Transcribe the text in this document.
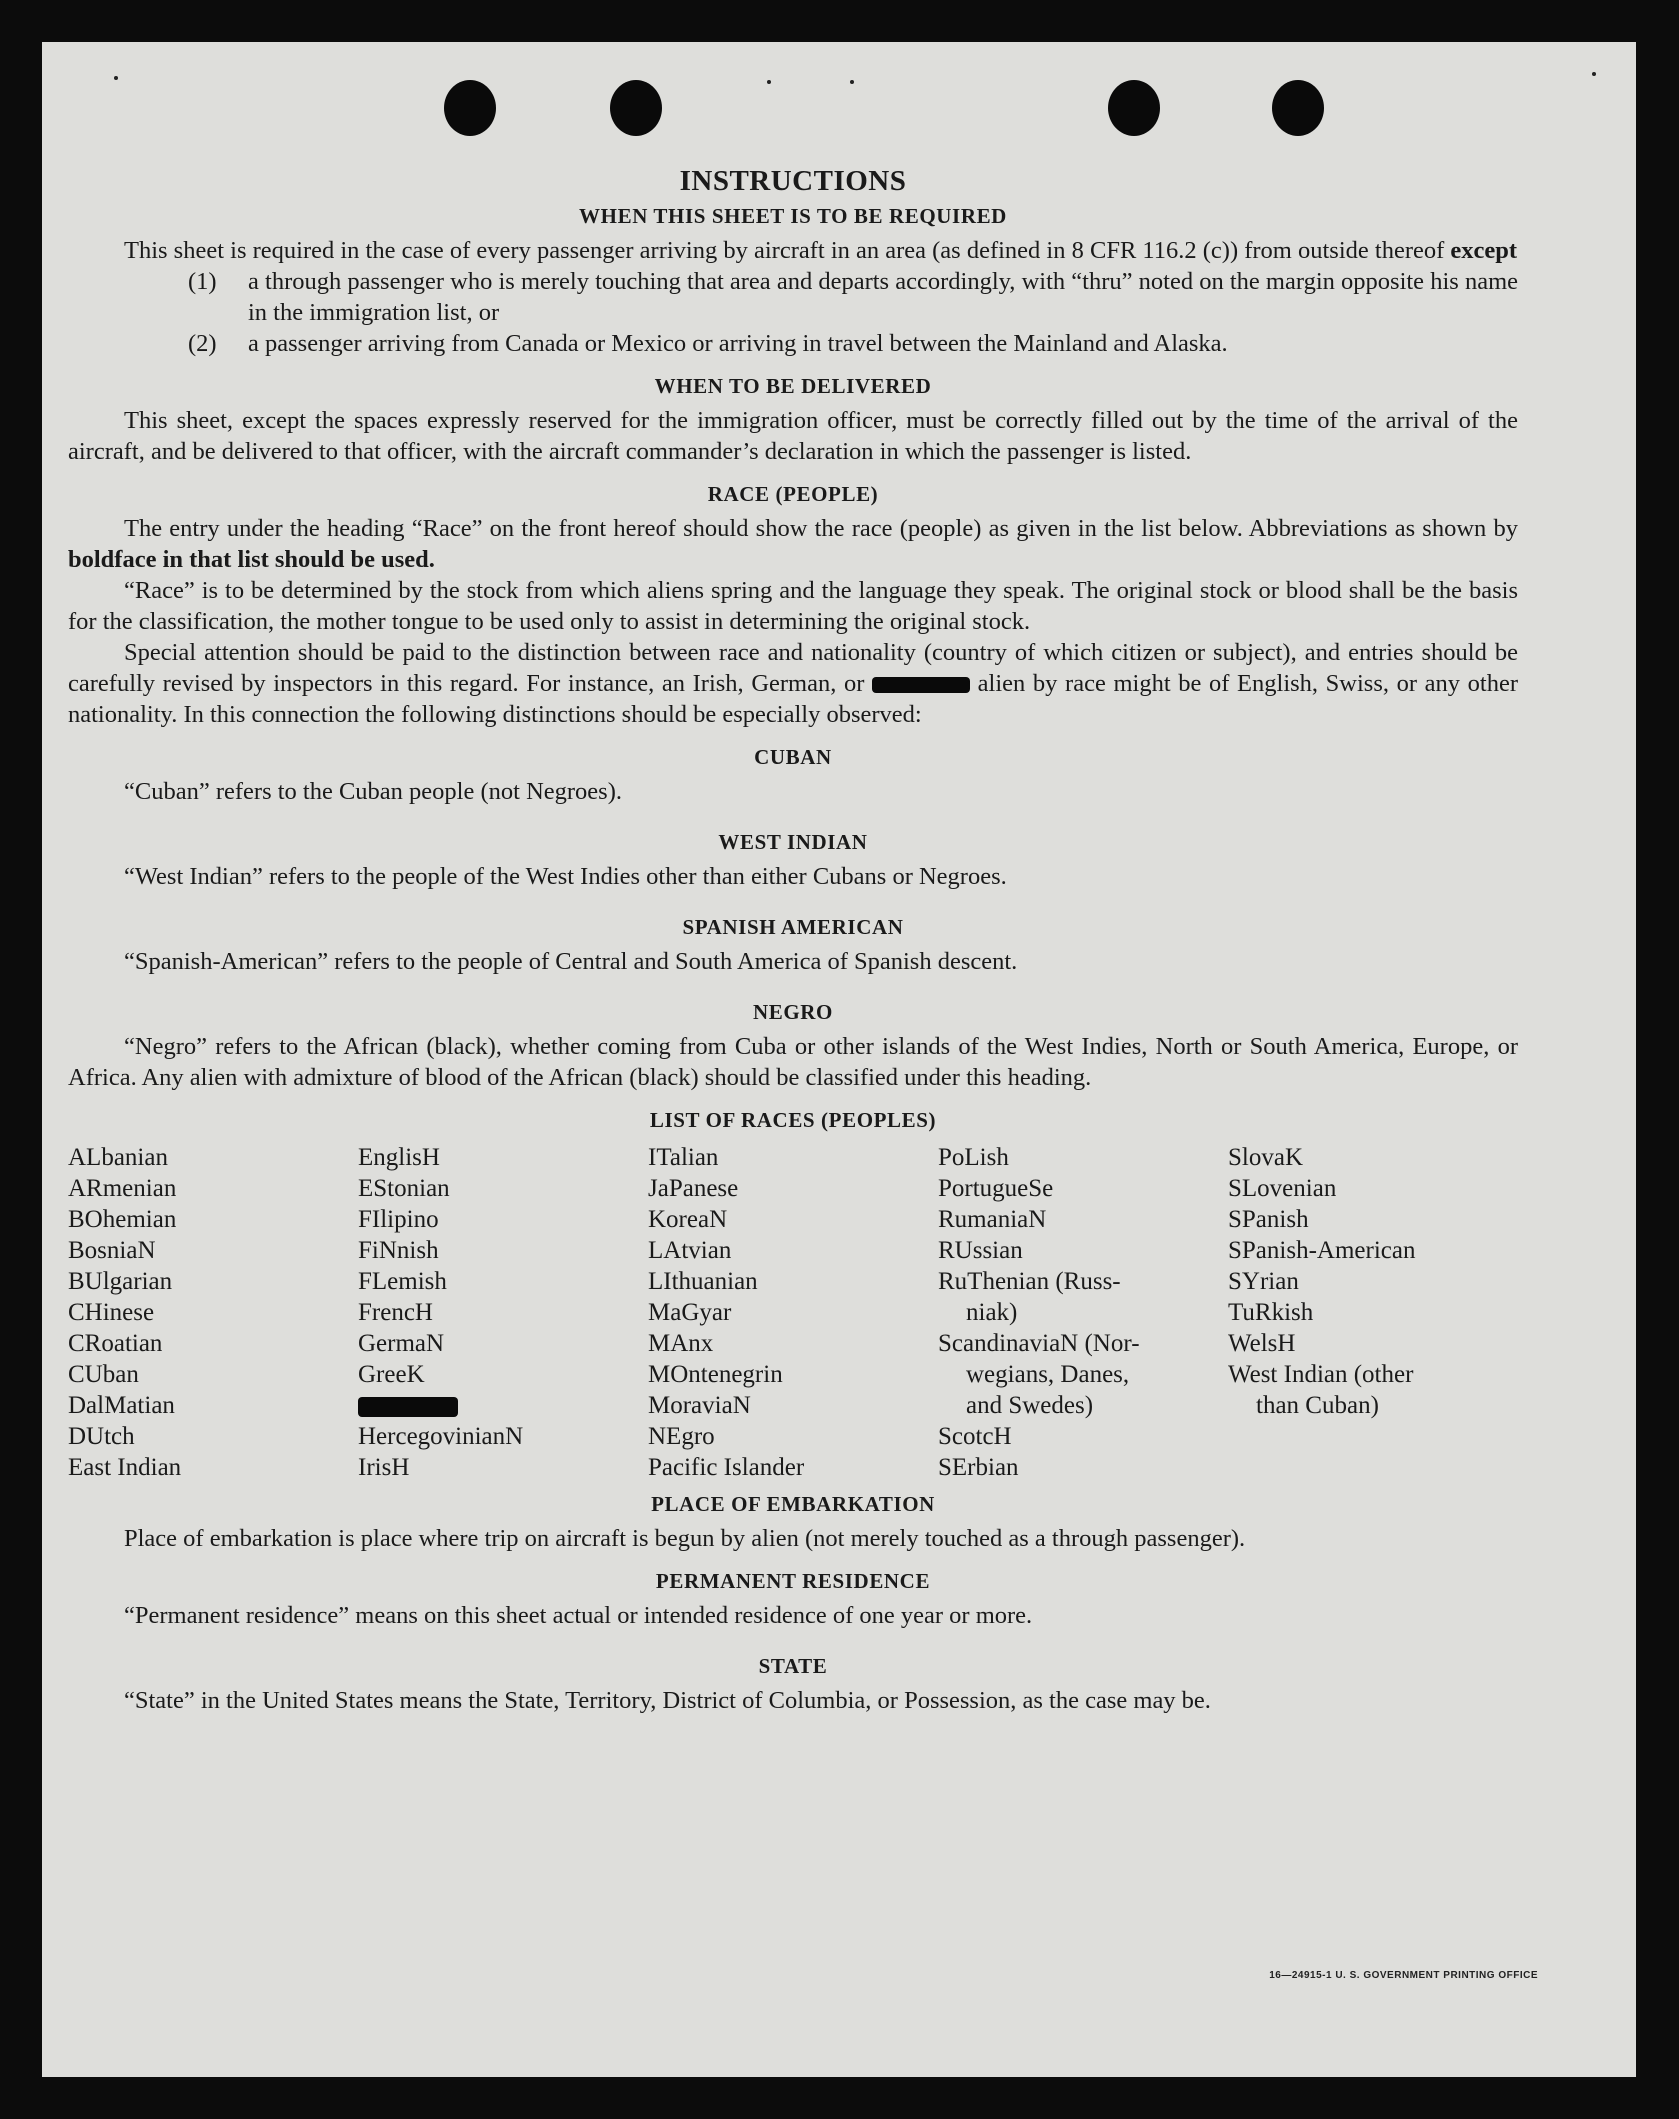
INSTRUCTIONS
WHEN THIS SHEET IS TO BE REQUIRED

This sheet is required in the case of every passenger arriving by aircraft in an area (as defined in 8 CFR 116.2 (c)) from outside thereof except

(1)	a through passenger who is merely touching that area and departs accordingly, with “thru” noted on the margin opposite his name in the immigration list, or
(2)	a passenger arriving from Canada or Mexico or arriving in travel between the Mainland and Alaska.
WHEN TO BE DELIVERED

This sheet, except the spaces expressly reserved for the immigration officer, must be correctly filled out by the time of the arrival of the aircraft, and be delivered to that officer, with the aircraft commander’s declaration in which the passenger is listed.

RACE (PEOPLE)

The entry under the heading “Race” on the front hereof should show the race (people) as given in the list below. Abbreviations as shown by boldface in that list should be used.

“Race” is to be determined by the stock from which aliens spring and the language they speak. The original stock or blood shall be the basis for the classification, the mother tongue to be used only to assist in determining the original stock.

Special attention should be paid to the distinction between race and nationality (country of which citizen or subject), and entries should be carefully revised by inspectors in this regard. For instance, an Irish, German, or	alien by race might be of English, Swiss, or any other nationality. In this connection the following distinctions should be especially observed:

CUBAN

“Cuban” refers to the Cuban people (not Negroes).

WEST INDIAN

“West Indian” refers to the people of the West Indies other than either Cubans or Negroes.

SPANISH AMERICAN

“Spanish-American” refers to the people of Central and South America of Spanish descent.

NEGRO

“Negro” refers to the African (black), whether coming from Cuba or other islands of the West Indies, North or South America, Europe, or Africa. Any alien with admixture of blood of the African (black) should be classified under this heading.

LIST OF RACES (PEOPLES)
ALbanian
ARmenian
BOhemian
BosniaN
BUlgarian
CHinese
CRoatian
CUban
DalMatian
DUtch
East Indian
EnglisH
EStonian
FIlipino
FiNnish
FLemish
FrencH
GermaN
GreeK
HercegovinianN
IrisH
ITalian
JaPanese
KoreaN
LAtvian
LIthuanian
MaGyar
MAnx
MOntenegrin
MoraviaN
NEgro
Pacific Islander
PoLish
PortugueSe
RumaniaN
RUssian
RuThenian (Russ-
niak)
ScandinaviaN (Nor-
wegians, Danes,
and Swedes)
ScotcH
SErbian
SlovaK
SLovenian
SPanish
SPanish-American
SYrian
TuRkish
WelsH
West Indian (other
than Cuban)
PLACE OF EMBARKATION

Place of embarkation is place where trip on aircraft is begun by alien (not merely touched as a through passenger).

PERMANENT RESIDENCE

“Permanent residence” means on this sheet actual or intended residence of one year or more.

STATE

“State” in the United States means the State, Territory, District of Columbia, or Possession, as the case may be.

16—24915-1 U. S. GOVERNMENT PRINTING OFFICE
